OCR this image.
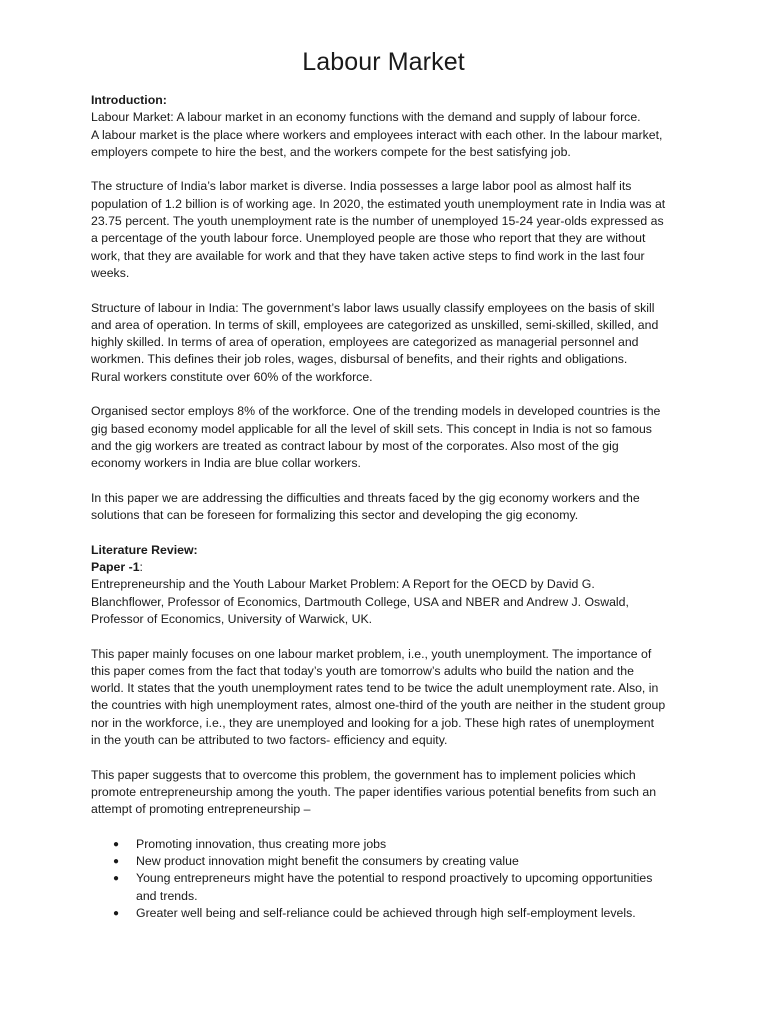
Labour Market
Introduction:

Labour Market: A labour market in an economy functions with the demand and supply of labour force.
A labour market is the place where workers and employees interact with each other. In the labour market,
employers compete to hire the best, and the workers compete for the best satisfying job.

The structure of India’s labor market is diverse. India possesses a large labor pool as almost half its
population of 1.2 billion is of working age. In 2020, the estimated youth unemployment rate in India was at
23.75 percent. The youth unemployment rate is the number of unemployed 15-24 year-olds expressed as
a percentage of the youth labour force. Unemployed people are those who report that they are without
work, that they are available for work and that they have taken active steps to find work in the last four
weeks.

Structure of labour in India: The government’s labor laws usually classify employees on the basis of skill
and area of operation. In terms of skill, employees are categorized as unskilled, semi-skilled, skilled, and
highly skilled. In terms of area of operation, employees are categorized as managerial personnel and
workmen. This defines their job roles, wages, disbursal of benefits, and their rights and obligations.
Rural workers constitute over 60% of the workforce.

Organised sector employs 8% of the workforce. One of the trending models in developed countries is the
gig based economy model applicable for all the level of skill sets. This concept in India is not so famous
and the gig workers are treated as contract labour by most of the corporates. Also most of the gig
economy workers in India are blue collar workers.

In this paper we are addressing the difficulties and threats faced by the gig economy workers and the
solutions that can be foreseen for formalizing this sector and developing the gig economy.

Literature Review:
Paper -1:

Entrepreneurship and the Youth Labour Market Problem: A Report for the OECD by David G.
Blanchflower, Professor of Economics, Dartmouth College, USA and NBER and Andrew J. Oswald,
Professor of Economics, University of Warwick, UK.

This paper mainly focuses on one labour market problem, i.e., youth unemployment. The importance of
this paper comes from the fact that today’s youth are tomorrow’s adults who build the nation and the
world. It states that the youth unemployment rates tend to be twice the adult unemployment rate. Also, in
the countries with high unemployment rates, almost one-third of the youth are neither in the student group
nor in the workforce, i.e., they are unemployed and looking for a job. These high rates of unemployment
in the youth can be attributed to two factors- efficiency and equity.

This paper suggests that to overcome this problem, the government has to implement policies which
promote entrepreneurship among the youth. The paper identifies various potential benefits from such an
attempt of promoting entrepreneurship –

● Promoting innovation, thus creating more jobs
● New product innovation might benefit the consumers by creating value
● Young entrepreneurs might have the potential to respond proactively to upcoming opportunities
and trends.
● Greater well being and self-reliance could be achieved through high self-employment levels.
